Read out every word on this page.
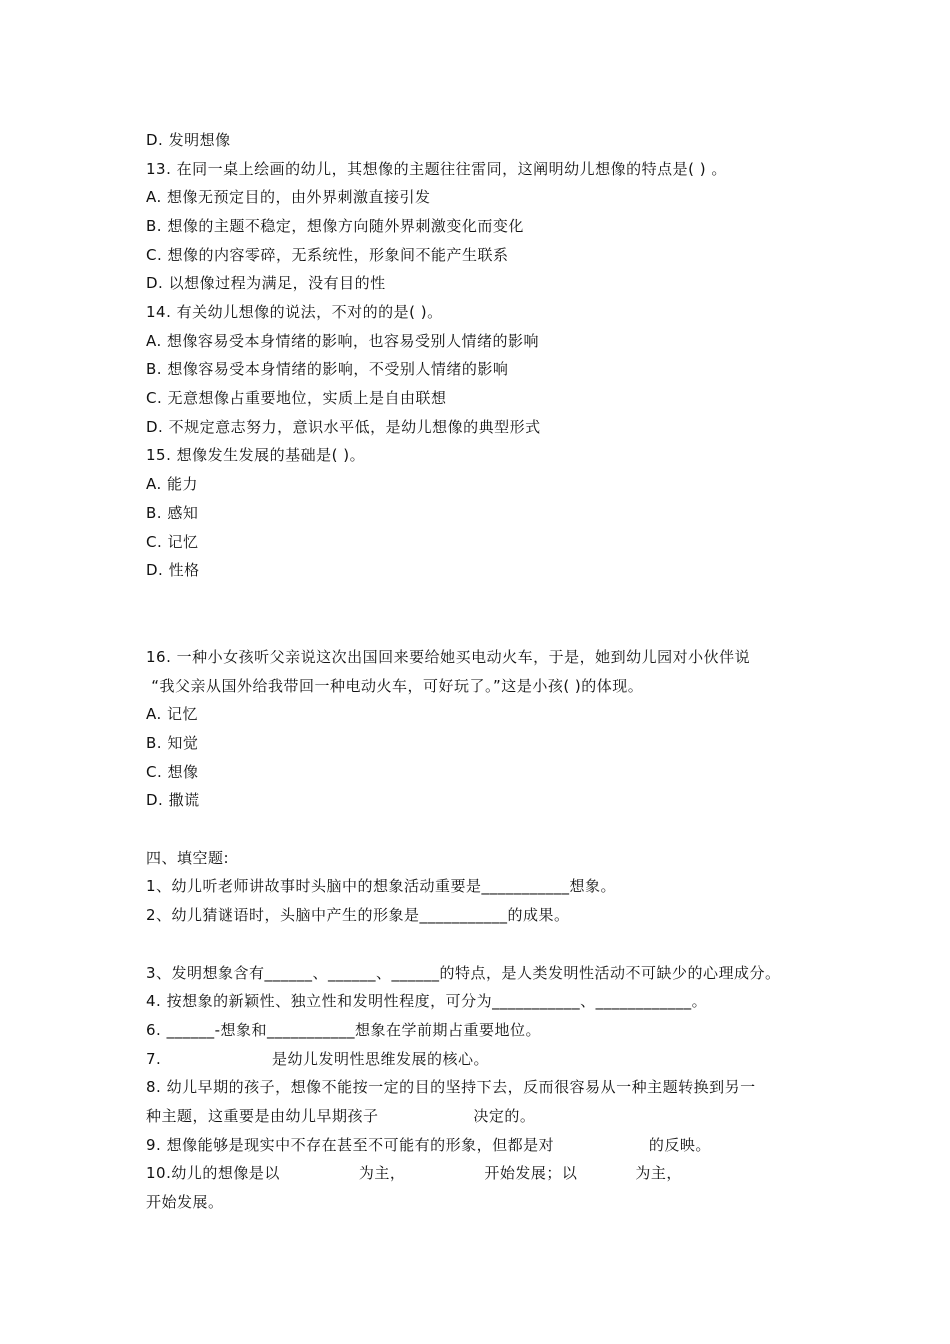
D. 发明想像
13. 在同一桌上绘画的幼儿，其想像的主题往往雷同，这阐明幼儿想像的特点是( ) 。
A. 想像无预定目的，由外界刺激直接引发
B. 想像的主题不稳定，想像方向随外界刺激变化而变化
C. 想像的内容零碎，无系统性，形象间不能产生联系
D. 以想像过程为满足，没有目的性
14. 有关幼儿想像的说法，不对的的是( )。
A. 想像容易受本身情绪的影响，也容易受别人情绪的影响
B. 想像容易受本身情绪的影响，不受别人情绪的影响
C. 无意想像占重要地位，实质上是自由联想
D. 不规定意志努力，意识水平低，是幼儿想像的典型形式
15. 想像发生发展的基础是( )。
A. 能力
B. 感知
C. 记忆
D. 性格
16. 一种小女孩听父亲说这次出国回来要给她买电动火车，于是，她到幼儿园对小伙伴说
“我父亲从国外给我带回一种电动火车，可好玩了。”这是小孩( )的体现。
A. 记忆
B. 知觉
C. 想像
D. 撒谎
四、填空题:
1、幼儿听老师讲故事时头脑中的想象活动重要是___________想象。
2、幼儿猜谜语时，头脑中产生的形象是___________的成果。
3、发明想象含有______、______、______的特点，是人类发明性活动不可缺少的心理成分。
4. 按想象的新颖性、独立性和发明性程度，可分为___________、____________。
6. ______-想象和___________想象在学前期占重要地位。
7.                     是幼儿发明性思维发展的核心。
8. 幼儿早期的孩子，想像不能按一定的目的坚持下去，反而很容易从一种主题转换到另一
种主题，这重要是由幼儿早期孩子                  决定的。
9. 想像能够是现实中不存在甚至不可能有的形象，但都是对                  的反映。
10.幼儿的想像是以               为主，               开始发展；以           为主，
开始发展。
